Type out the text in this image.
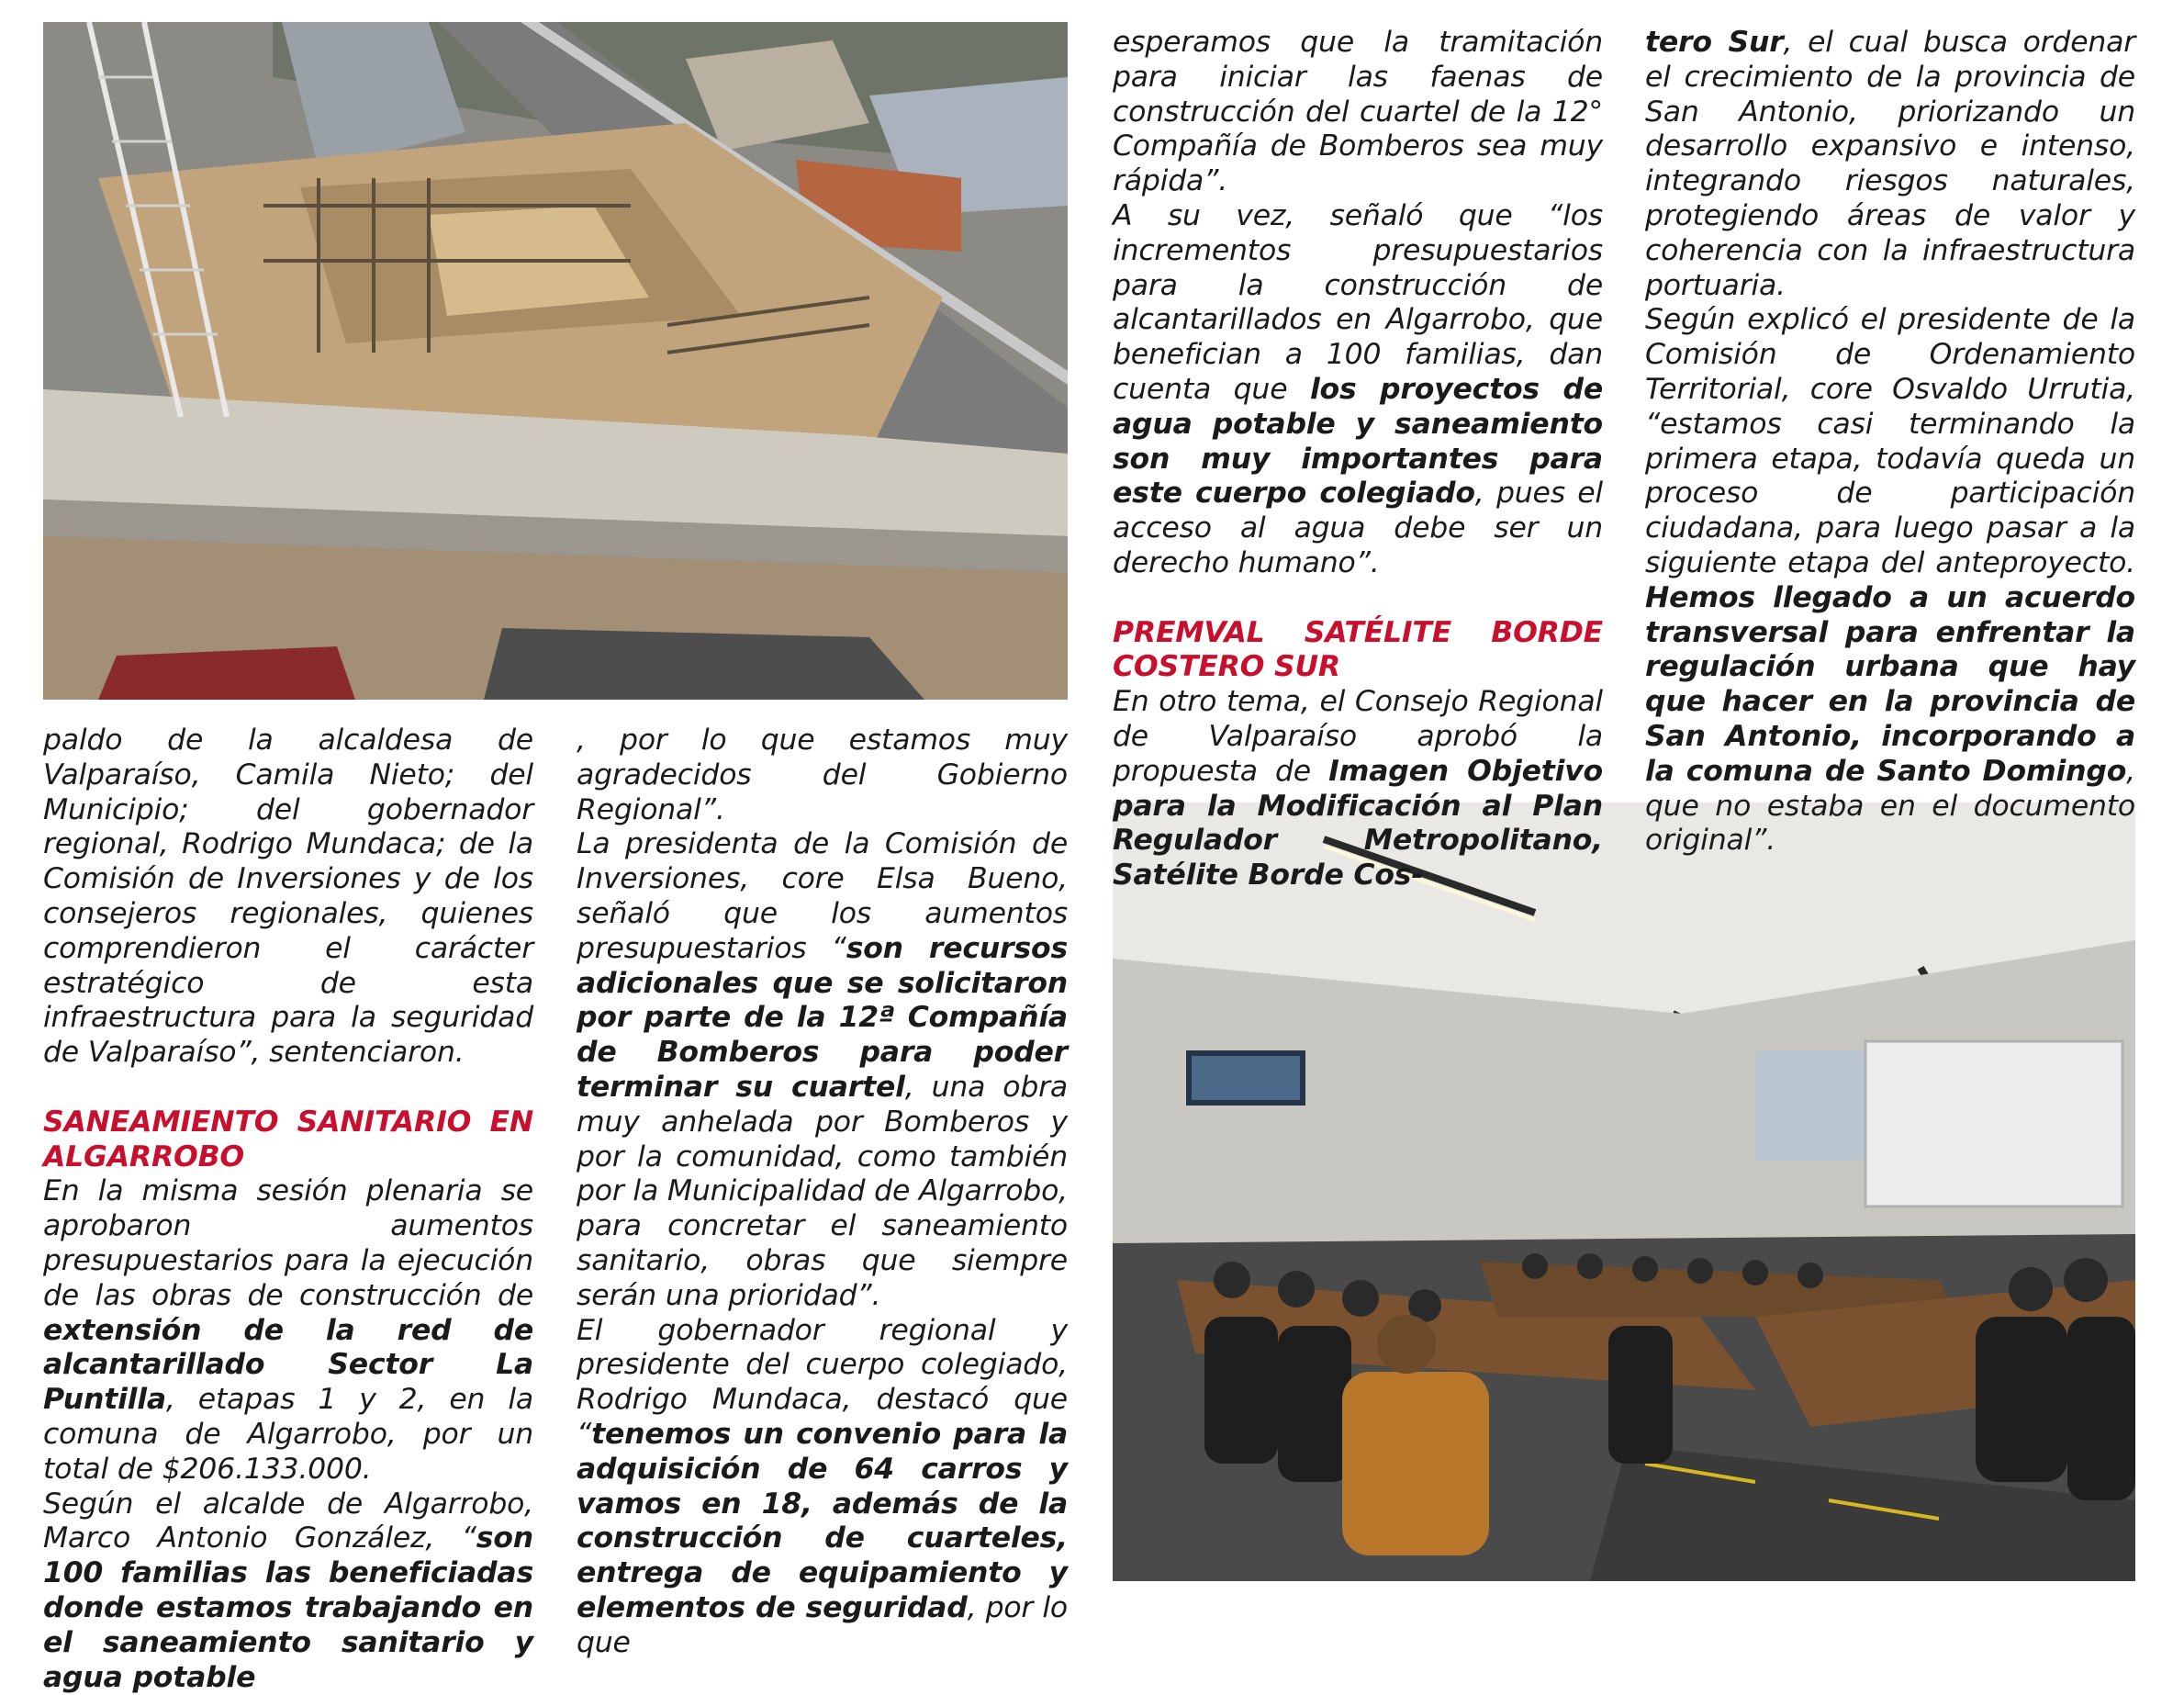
paldo de la alcaldesa de Valparaíso, Camila Nieto; del Municipio; del gobernador regional, Rodrigo Mundaca; de la Comisión de Inversiones y de los consejeros regionales, quienes comprendieron el carácter estratégico de esta infraestructura para la seguridad de Valparaíso”, sentenciaron.

SANEAMIENTO SANITARIO EN ALGARROBO

En la misma sesión plenaria se aprobaron aumentos presupuestarios para la ejecución de las obras de construcción de extensión de la red de alcantarillado Sector La Puntilla, etapas 1 y 2, en la comuna de Algarrobo, por un total de $206.133.000.

Según el alcalde de Algarrobo, Marco Antonio González, “son 100 familias las beneficiadas donde estamos trabajando en el saneamiento sanitario y agua potable

, por lo que estamos muy agradecidos del Gobierno Regional”.

La presidenta de la Comisión de Inversiones, core Elsa Bueno, señaló que los aumentos presupuestarios “son recursos adicionales que se solicitaron por parte de la 12ª Compañía de Bomberos para poder terminar su cuartel, una obra muy anhelada por Bomberos y por la comunidad, como también por la Municipalidad de Algarrobo, para concretar el saneamiento sanitario, obras que siempre serán una prioridad”.

El gobernador regional y presidente del cuerpo colegiado, Rodrigo Mundaca, destacó que “tenemos un convenio para la adquisición de 64 carros y vamos en 18, además de la construcción de cuarteles, entrega de equipamiento y elementos de seguridad, por lo que

esperamos que la tramitación para iniciar las faenas de construcción del cuartel de la 12° Compañía de Bomberos sea muy rápida”.

A su vez, señaló que “los incrementos presupuestarios para la construcción de alcantarillados en Algarrobo, que benefician a 100 familias, dan cuenta que los proyectos de agua potable y saneamiento son muy importantes para este cuerpo colegiado, pues el acceso al agua debe ser un derecho humano”.

PREMVAL SATÉLITE BORDE COSTERO SUR

En otro tema, el Consejo Regional de Valparaíso aprobó la propuesta de Imagen Objetivo para la Modificación al Plan Regulador Metropolitano, Satélite Borde Cos-

tero Sur, el cual busca ordenar el crecimiento de la provincia de San Antonio, priorizando un desarrollo expansivo e intenso, integrando riesgos naturales, protegiendo áreas de valor y coherencia con la infraestructura portuaria.

Según explicó el presidente de la Comisión de Ordenamiento Territorial, core Osvaldo Urrutia, “estamos casi terminando la primera etapa, todavía queda un proceso de participación ciudadana, para luego pasar a la siguiente etapa del anteproyecto. Hemos llegado a un acuerdo transversal para enfrentar la regulación urbana que hay que hacer en la provincia de San Antonio, incorporando a la comuna de Santo Domingo, que no estaba en el documento original”.
